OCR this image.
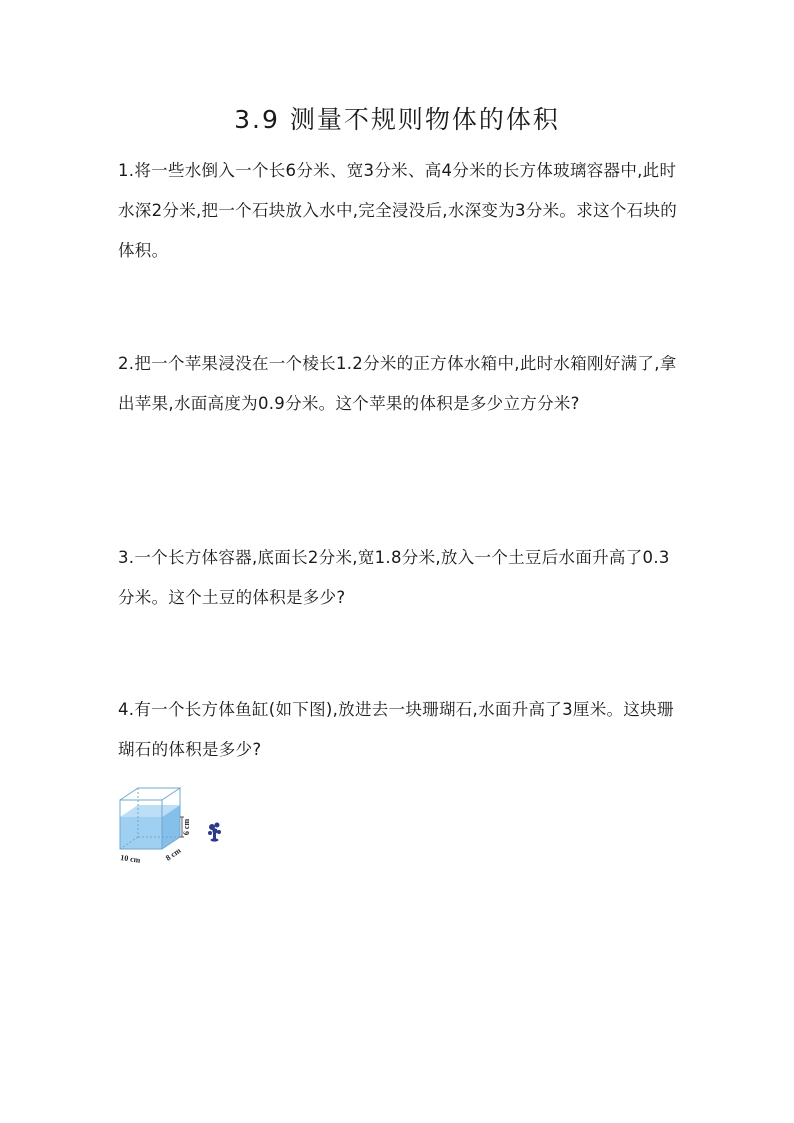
3.9 测量不规则物体的体积

1.将一些水倒入一个长6分米、宽3分米、高4分米的长方体玻璃容器中,此时水深2分米,把一个石块放入水中,完全浸没后,水深变为3分米。求这个石块的体积。

2.把一个苹果浸没在一个棱长1.2分米的正方体水箱中,此时水箱刚好满了,拿出苹果,水面高度为0.9分米。这个苹果的体积是多少立方分米?

3.一个长方体容器,底面长2分米,宽1.8分米,放入一个土豆后水面升高了0.3分米。这个土豆的体积是多少?

4.有一个长方体鱼缸(如下图),放进去一块珊瑚石,水面升高了3厘米。这块珊瑚石的体积是多少?

6 cm
10 cm	8 cm
